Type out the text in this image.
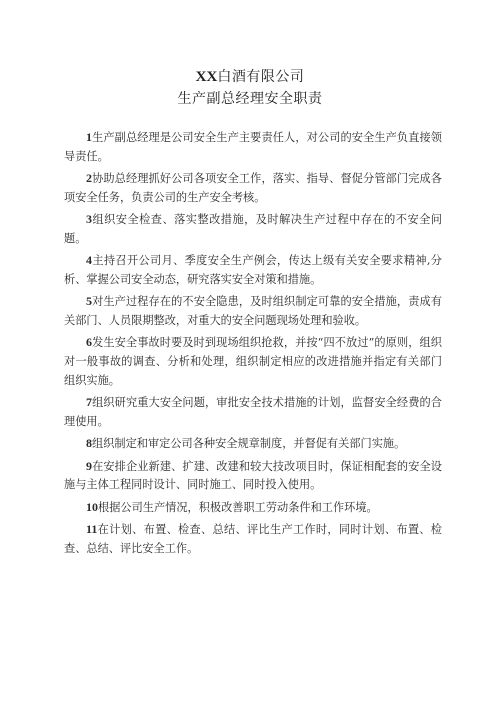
XX白酒有限公司
生产副总经理安全职责

1生产副总经理是公司安全生产主要责任人，对公司的安全生产负直接领导责任。

2协助总经理抓好公司各项安全工作，落实、指导、督促分管部门完成各项安全任务，负责公司的生产安全考核。

3组织安全检查、落实整改措施，及时解决生产过程中存在的不安全问题。

4主持召开公司月、季度安全生产例会，传达上级有关安全要求精神,分析、掌握公司安全动态，研究落实安全对策和措施。

5对生产过程存在的不安全隐患，及时组织制定可靠的安全措施，责成有关部门、人员限期整改，对重大的安全问题现场处理和验收。

6发生安全事故时要及时到现场组织抢救，并按“四不放过”的原则，组织对一般事故的调查、分析和处理，组织制定相应的改进措施并指定有关部门组织实施。

7组织研究重大安全问题，审批安全技术措施的计划，监督安全经费的合理使用。

8组织制定和审定公司各种安全规章制度，并督促有关部门实施。

9在安排企业新建、扩建、改建和较大技改项目时，保证相配套的安全设施与主体工程同时设计、同时施工、同时投入使用。

10根据公司生产情况，积极改善职工劳动条件和工作环境。

11在计划、布置、检查、总结、评比生产工作时，同时计划、布置、检查、总结、评比安全工作。
